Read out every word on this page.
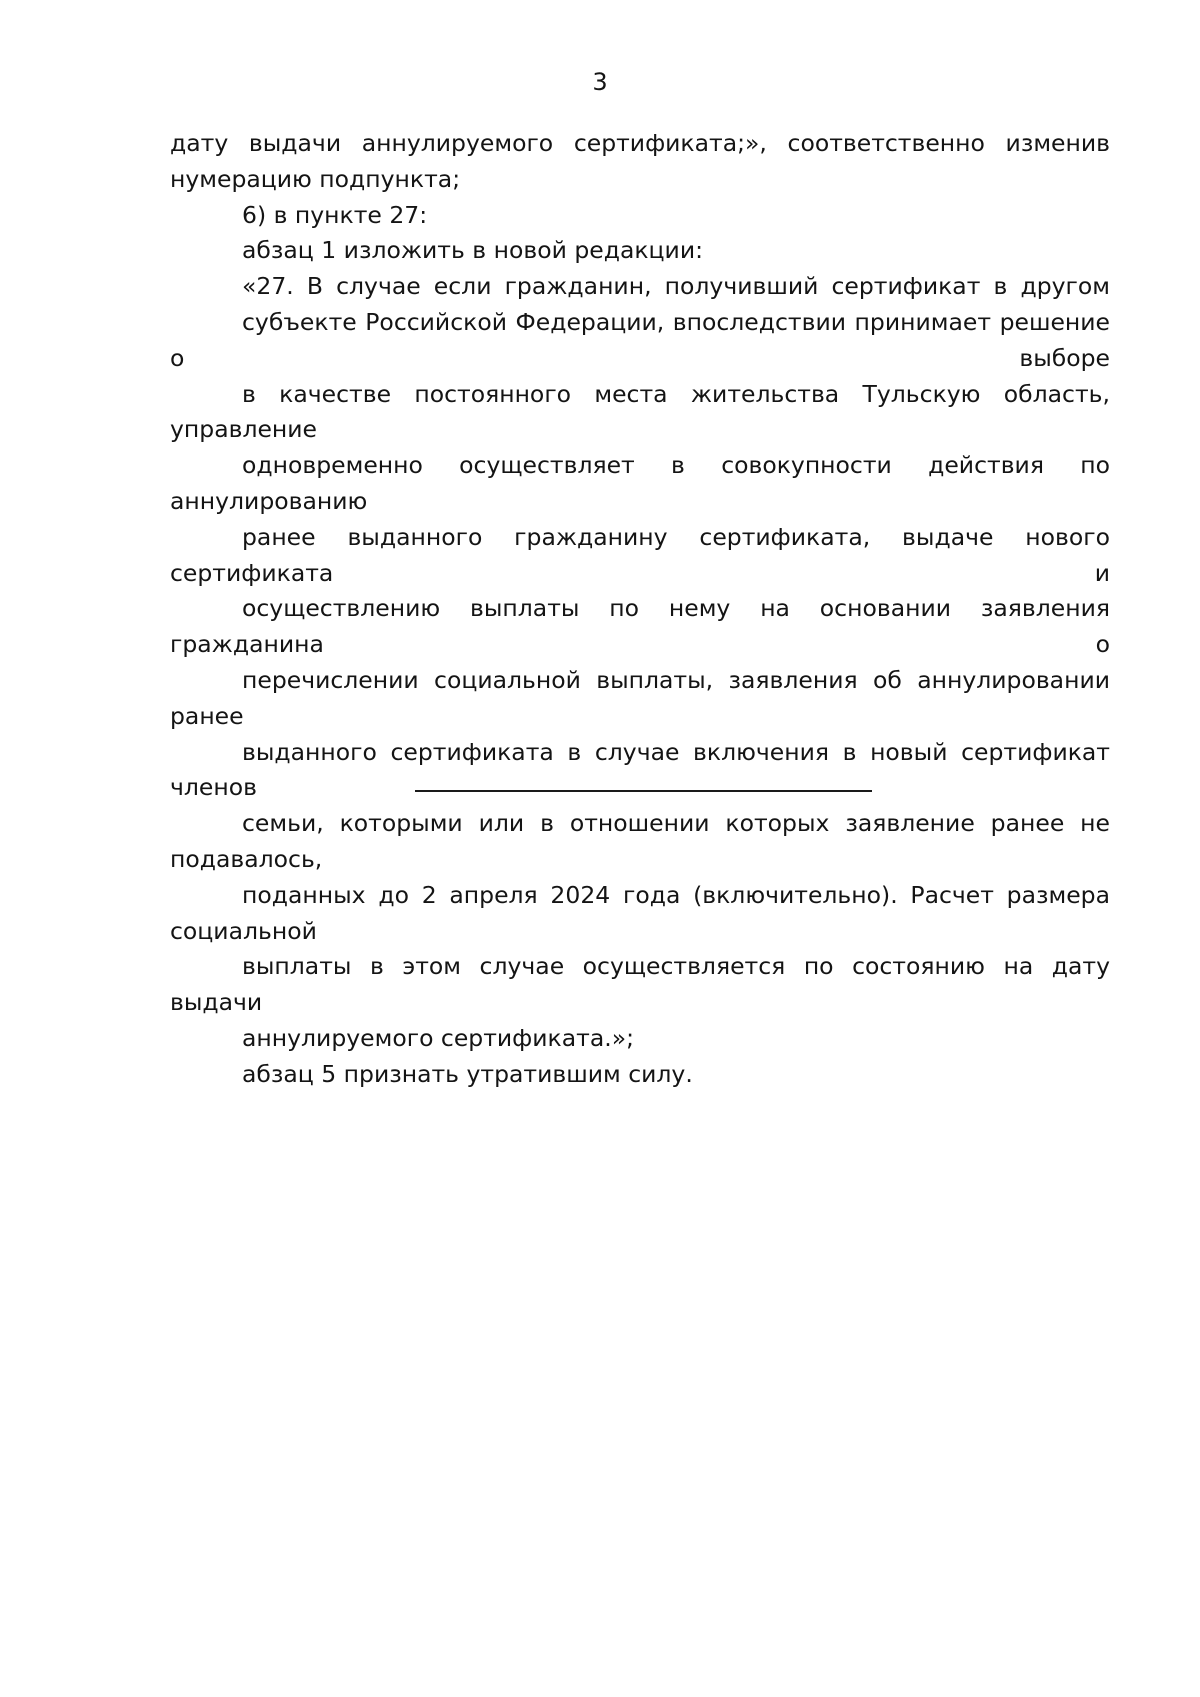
3

дату выдачи аннулируемого сертификата;», соответственно изменив
нумерацию подпункта;

6) в пункте 27:

абзац 1 изложить в новой редакции:

«27. В случае если гражданин, получивший сертификат в другом
субъекте Российской Федерации, впоследствии принимает решение о выборе
в качестве постоянного места жительства Тульскую область, управление
одновременно осуществляет в совокупности действия по аннулированию
ранее выданного гражданину сертификата, выдаче нового сертификата и
осуществлению выплаты по нему на основании заявления гражданина о
перечислении социальной выплаты, заявления об аннулировании ранее
выданного сертификата в случае включения в новый сертификат членов
семьи, которыми или в отношении которых заявление ранее не подавалось,
поданных до 2 апреля 2024 года (включительно). Расчет размера социальной
выплаты в этом случае осуществляется по состоянию на дату выдачи
аннулируемого сертификата.»;

абзац 5 признать утратившим силу.
